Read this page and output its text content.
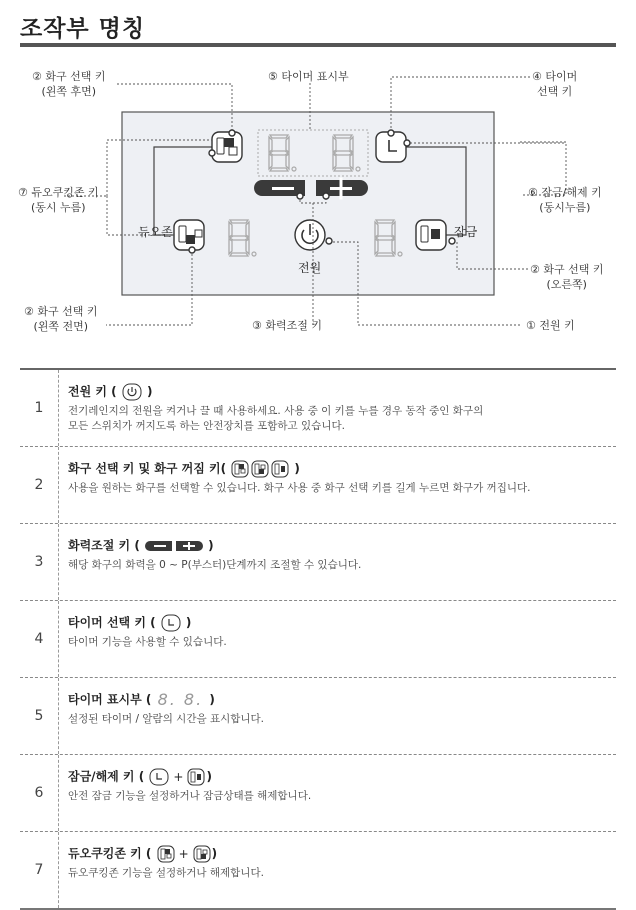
조작부 명칭
듀오존	잠금
전원
② 화구 선택 키
(왼쪽 후면)
⑤ 타이머 표시부	④ 타이머
선택 키
⑦ 듀오쿠킹존 키
(동시 누름)
⑥ 잠금/해제 키
(동시누름)
② 화구 선택 키
(오른쪽)
② 화구 선택 키
(왼쪽 전면)	③ 화력조절 키	① 전원 키
1
전원 키 (  )
전기레인지의 전원을 켜거나 끌 때 사용하세요. 사용 중 이 키를 누를 경우 동작 중인 화구의
모든 스위치가 꺼지도록 하는 안전장치를 포함하고 있습니다.
2
화구 선택 키 및 화구 꺼짐 키(	)
사용을 원하는 화구를 선택할 수 있습니다. 화구 사용 중 화구 선택 키를 길게 누르면 화구가 꺼집니다.
3
화력조절 키 (	)
해당 화구의 화력을 0 ~ P(부스터)단계까지 조절할 수 있습니다.
4
타이머 선택 키 (  )
타이머 기능을 사용할 수 있습니다.
5
타이머 표시부 ( 8. 8. )
설정된 타이머 / 알람의 시간을 표시합니다.
6
잠금/해제 키 ( + )
안전 잠금 기능을 설정하거나 잠금상태를 해제합니다.
7
듀오쿠킹존 키 ( + )
듀오쿠킹존 기능을 설정하거나 해제합니다.
